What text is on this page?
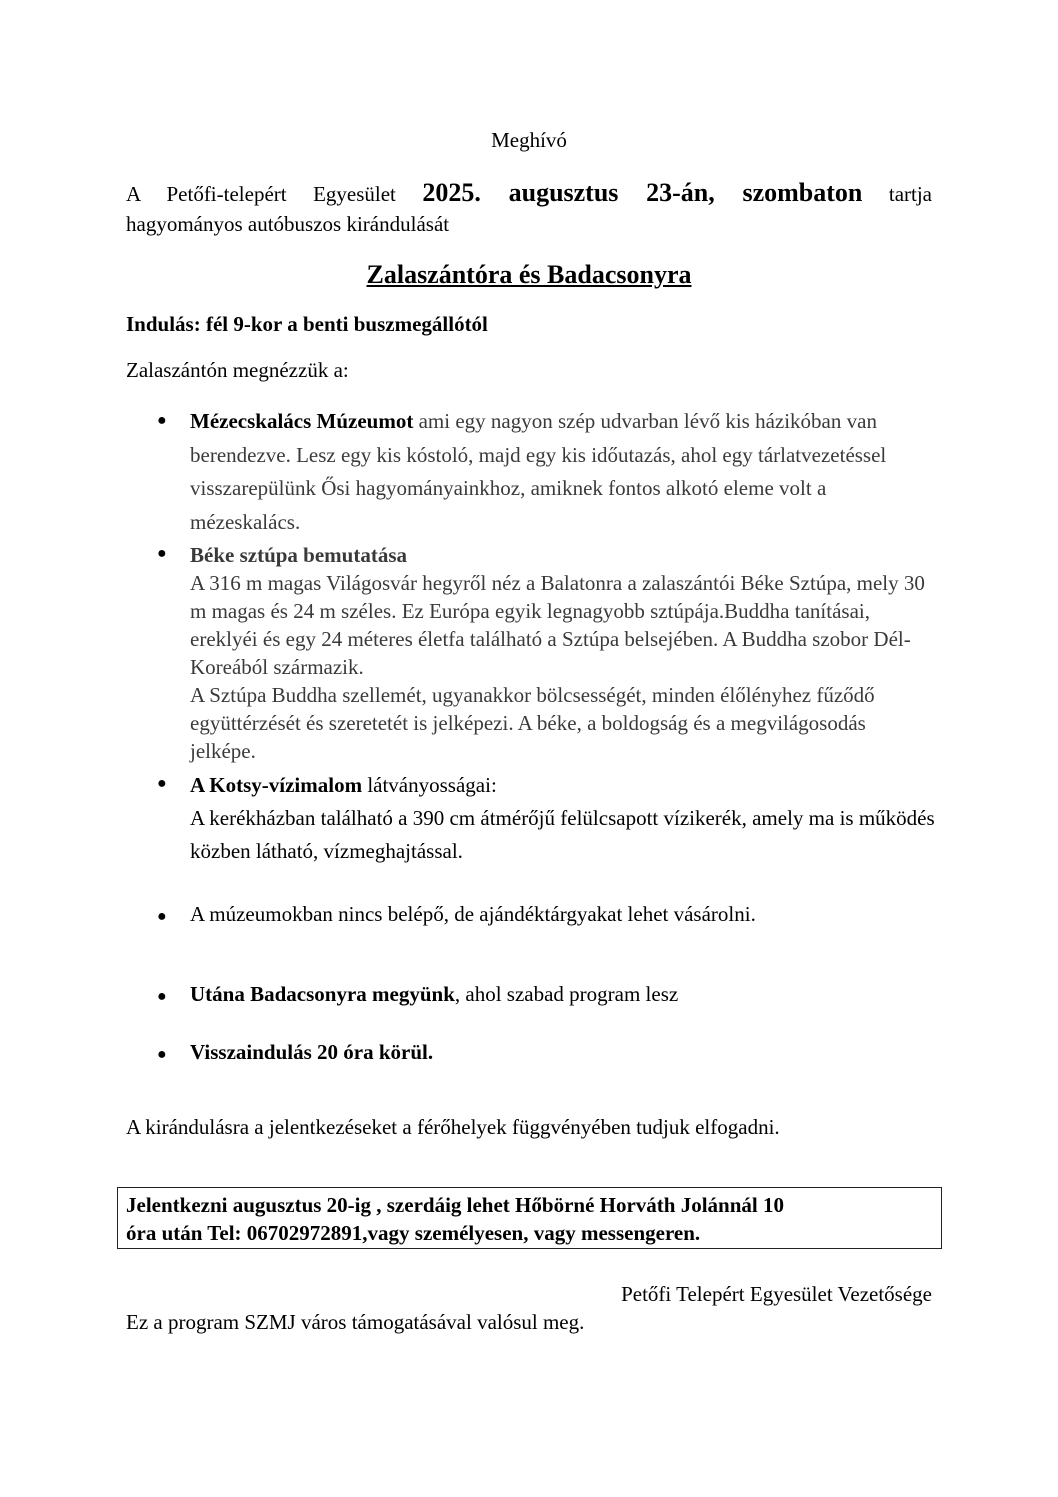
Meghívó
A Petőfi-telepért Egyesület 2025. augusztus 23-án, szombaton tartja
hagyományos autóbuszos kirándulását
Zalaszántóra és Badacsonyra
Indulás: fél 9-kor a benti buszmegállótól
Zalaszántón megnézzük a:
● Mézecskalács Múzeumot ami egy nagyon szép udvarban lévő kis házikóban van berendezve. Lesz egy kis kóstoló, majd egy kis időutazás, ahol egy tárlatvezetéssel visszarepülünk Ősi hagyományainkhoz, amiknek fontos alkotó eleme volt a mézeskalács.
● Béke sztúpa bemutatása
A 316 m magas Világosvár hegyről néz a Balatonra a zalaszántói Béke Sztúpa, mely 30 m magas és 24 m széles. Ez Európa egyik legnagyobb sztúpája.Buddha tanításai, ereklyéi és egy 24 méteres életfa található a Sztúpa belsejében. A Buddha szobor Dél-Koreából származik.
A Sztúpa Buddha szellemét, ugyanakkor bölcsességét, minden élőlényhez fűződő együttérzését és szeretetét is jelképezi. A béke, a boldogság és a megvilágosodás jelképe.
● A Kotsy-vízimalom látványosságai:
A kerékházban található a 390 cm átmérőjű felülcsapott vízikerék, amely ma is működés közben látható, vízmeghajtással.
● A múzeumokban nincs belépő, de ajándéktárgyakat lehet vásárolni.
● Utána Badacsonyra megyünk, ahol szabad program lesz
● Visszaindulás 20 óra körül.
A kirándulásra a jelentkezéseket a férőhelyek függvényében tudjuk elfogadni.
Jelentkezni augusztus 20-ig , szerdáig lehet Hőbörné Horváth Jolánnál 10
óra után Tel: 06702972891,vagy személyesen, vagy messengeren.
Petőfi Telepért Egyesület Vezetősége
Ez a program SZMJ város támogatásával valósul meg.
